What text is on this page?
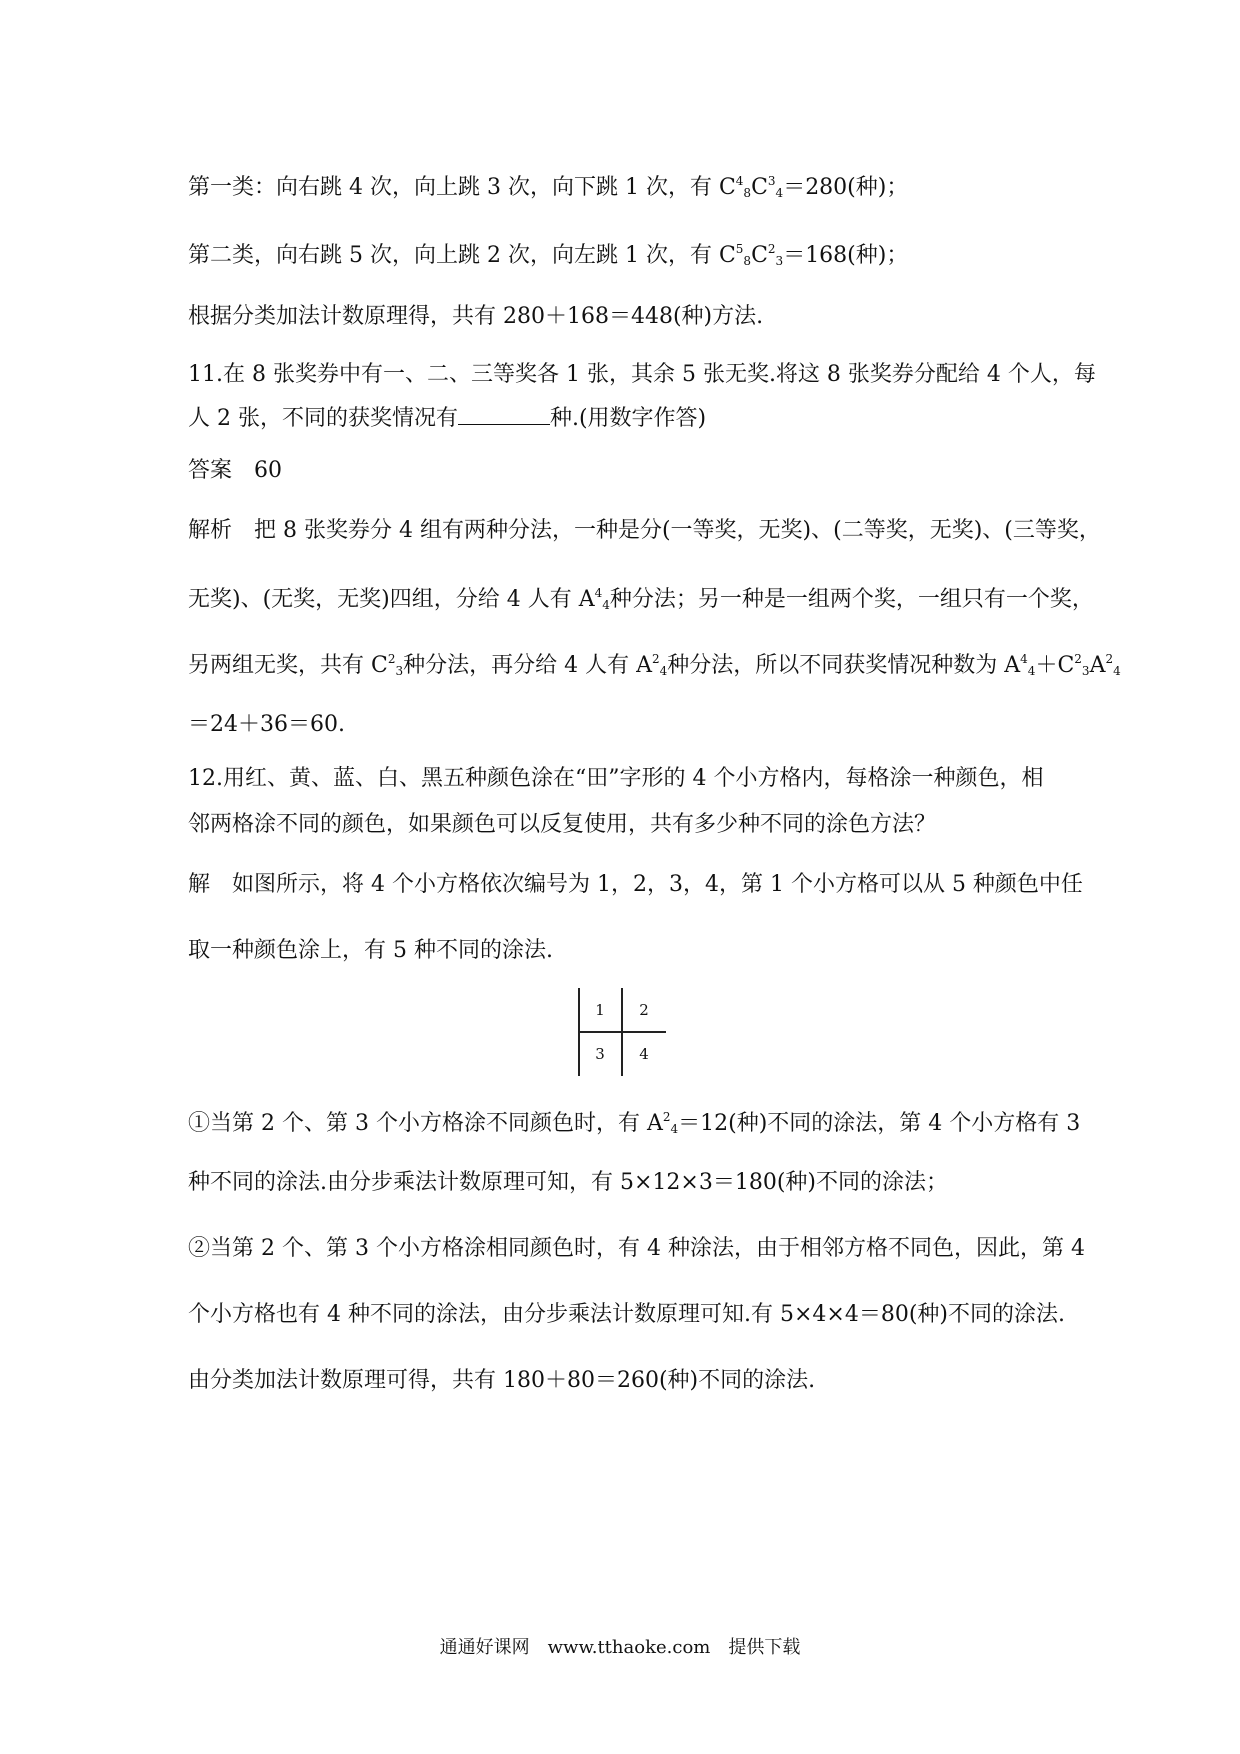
第一类：向右跳 4 次，向上跳 3 次，向下跳 1 次，有 $C^4_8C^3_4=280$(种)；
第二类，向右跳 5 次，向上跳 2 次，向左跳 1 次，有 $C^5_8C^2_3=168$(种)；
根据分类加法计数原理得，共有 280＋168＝448(种)方法.
11.在 8 张奖券中有一、二、三等奖各 1 张，其余 5 张无奖.将这 8 张奖券分配给 4 个人，每
人 2 张，不同的获奖情况有	种.(用数字作答)
答案　60
解析　把 8 张奖券分 4 组有两种分法，一种是分(一等奖，无奖)、(二等奖，无奖)、(三等奖，
无奖)、(无奖，无奖)四组，分给 4 人有 $A^4_4$种分法；另一种是一组两个奖，一组只有一个奖，
另两组无奖，共有 $C^2_3$种分法，再分给 4 人有 $A^2_4$种分法，所以不同获奖情况种数为 $A^4_4+C^2_3A^2_4$
＝24＋36＝60.
12.用红、黄、蓝、白、黑五种颜色涂在“田”字形的 4 个小方格内，每格涂一种颜色，相
邻两格涂不同的颜色，如果颜色可以反复使用，共有多少种不同的涂色方法？
解　如图所示，将 4 个小方格依次编号为 1，2，3，4，第 1 个小方格可以从 5 种颜色中任
取一种颜色涂上，有 5 种不同的涂法.
1	2
3	4
①当第 2 个、第 3 个小方格涂不同颜色时，有 $A^2_4=12$(种)不同的涂法，第 4 个小方格有 3
种不同的涂法.由分步乘法计数原理可知，有 5×12×3＝180(种)不同的涂法；
②当第 2 个、第 3 个小方格涂相同颜色时，有 4 种涂法，由于相邻方格不同色，因此，第 4
个小方格也有 4 种不同的涂法，由分步乘法计数原理可知.有 5×4×4＝80(种)不同的涂法.
由分类加法计数原理可得，共有 180＋80＝260(种)不同的涂法.
通通好课网　www.tthaoke.com　提供下载
